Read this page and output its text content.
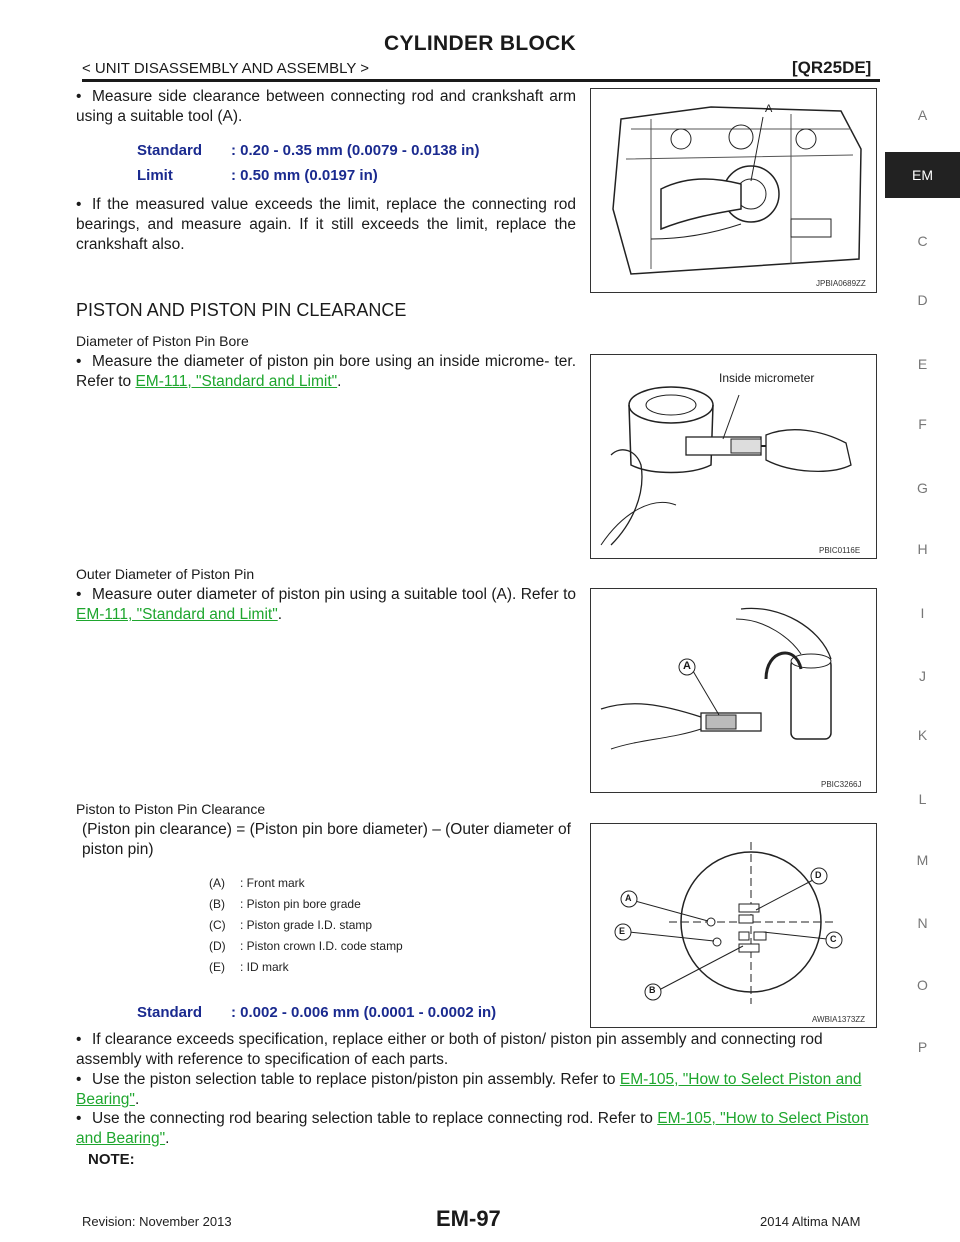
CYLINDER BLOCK
< UNIT DISASSEMBLY AND ASSEMBLY >	[QR25DE]
A
EM
C
D
E
F
G
H
I
J
K
L
M
N
O
P
• Measure side clearance between connecting rod and crankshaft arm using a suitable tool (A).
Standard : 0.20 - 0.35 mm (0.0079 - 0.0138 in)
Limit	: 0.50 mm (0.0197 in)
• If the measured value exceeds the limit, replace the connecting rod bearings, and measure again. If it still exceeds the limit, replace the crankshaft also.
A
JPBIA0689ZZ
PISTON AND PISTON PIN CLEARANCE
Diameter of Piston Pin Bore
• Measure the diameter of piston pin bore using an inside microme- ter. Refer to EM-111, "Standard and Limit".	Inside micrometer
PBIC0116E
Outer Diameter of Piston Pin
• Measure outer diameter of piston pin using a suitable tool (A). Refer to EM-111, "Standard and Limit".
A
PBIC3266J
Piston to Piston Pin Clearance
(Piston pin clearance) = (Piston pin bore diameter) – (Outer diameter of piston pin)
(A) : Front mark
(B) : Piston pin bore grade
(C) : Piston grade I.D. stamp
(D) : Piston crown I.D. code stamp
(E) : ID mark
Standard : 0.002 - 0.006 mm (0.0001 - 0.0002 in)
A
B
C
D
E
AWBIA1373ZZ
• If clearance exceeds specification, replace either or both of piston/ piston pin assembly and connecting rod assembly with reference to specification of each parts.
• Use the piston selection table to replace piston/piston pin assembly. Refer to EM-105, "How to Select Piston and Bearing".
• Use the connecting rod bearing selection table to replace connecting rod. Refer to EM-105, "How to Select Piston and Bearing".
NOTE:
Revision: November 2013	EM-97	2014 Altima NAM
